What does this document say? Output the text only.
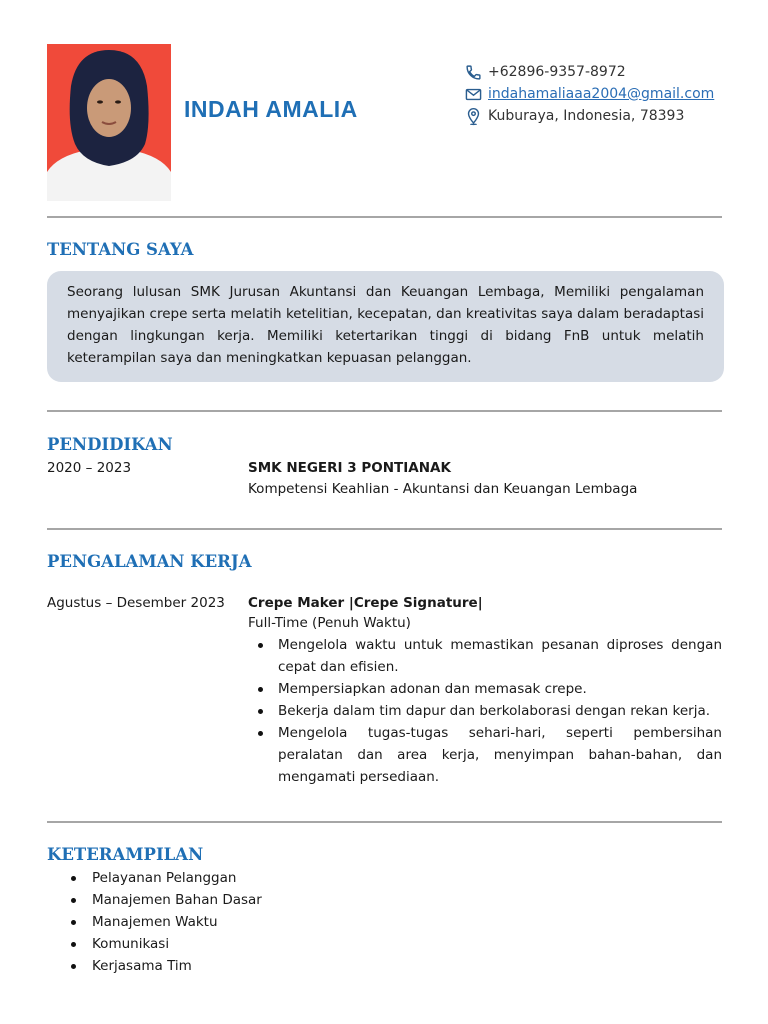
INDAH AMALIA
+62896-9357-8972
indahamaliaaa2004@gmail.com
Kuburaya, Indonesia, 78393
TENTANG SAYA

Seorang lulusan SMK Jurusan Akuntansi dan Keuangan Lembaga, Memiliki pengalaman menyajikan crepe serta melatih ketelitian, kecepatan, dan kreativitas saya dalam beradaptasi dengan lingkungan kerja. Memiliki ketertarikan tinggi di bidang FnB untuk melatih keterampilan saya dan meningkatkan kepuasan pelanggan.

PENDIDIKAN
2020 – 2023	SMK NEGERI 3 PONTIANAK
Kompetensi Keahlian - Akuntansi dan Keuangan Lembaga
PENGALAMAN KERJA
Agustus – Desember 2023 Crepe Maker |Crepe Signature|
Full-Time (Penuh Waktu)
Mengelola waktu untuk memastikan pesanan diproses dengan cepat dan efisien.
Mempersiapkan adonan dan memasak crepe.
Bekerja dalam tim dapur dan berkolaborasi dengan rekan kerja.
Mengelola tugas-tugas sehari-hari, seperti pembersihan peralatan dan area kerja, menyimpan bahan-bahan, dan mengamati persediaan.
KETERAMPILAN
Pelayanan Pelanggan
Manajemen Bahan Dasar
Manajemen Waktu
Komunikasi
Kerjasama Tim
